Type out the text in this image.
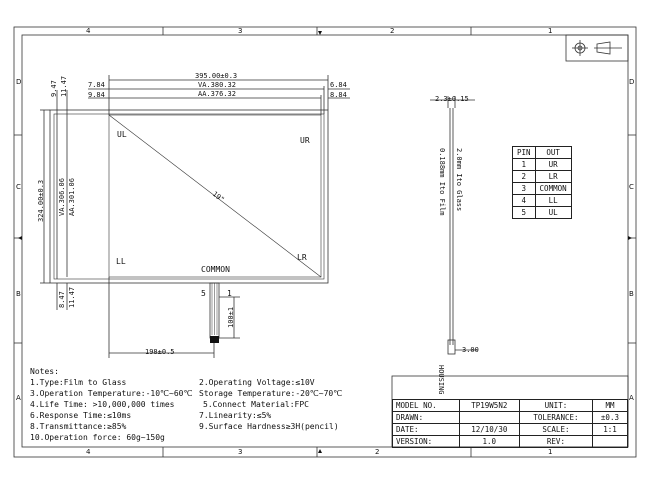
4	3	2	1
4	3	2	1
D
C
B
A
D
C
B
A
395.00±0.3
VA.380.32
AA.376.32
7.84
9.84
6.84
8.84
9.47 11.47
324.00±0.3 VA.306.06 AA.301.06
8.47 11.47
UL
UR
LL	LR
COMMON
19"
5	1
100±1
198±0.5
2.3±0.15
2.0mm Ito Glass
0.188mm Ito Film
HOUSING
3.00
PIN	OUT
1	UR
2	LR
3	COMMON
4	LL
5	UL
Notes:
1.Type:Film to Glass
3.Operation Temperature:-10℃~60℃
4.Life Time: >10,000,000 times
6.Response Time:≤10ms
8.Transmittance:≥85%
10.Operation force: 60g~150g
2.Operating Voltage:≤10V
Storage Temperature:-20℃~70℃
5.Connect Material:FPC
7.Linearity:≤5%
9.Surface Hardness≥3H(pencil)
MODEL NO.	TP19W5N2	UNIT:	MM
DRAWN:		TOLERANCE:	±0.3
DATE:	12/10/30	SCALE:	1:1
VERSION:	1.0	REV:	
